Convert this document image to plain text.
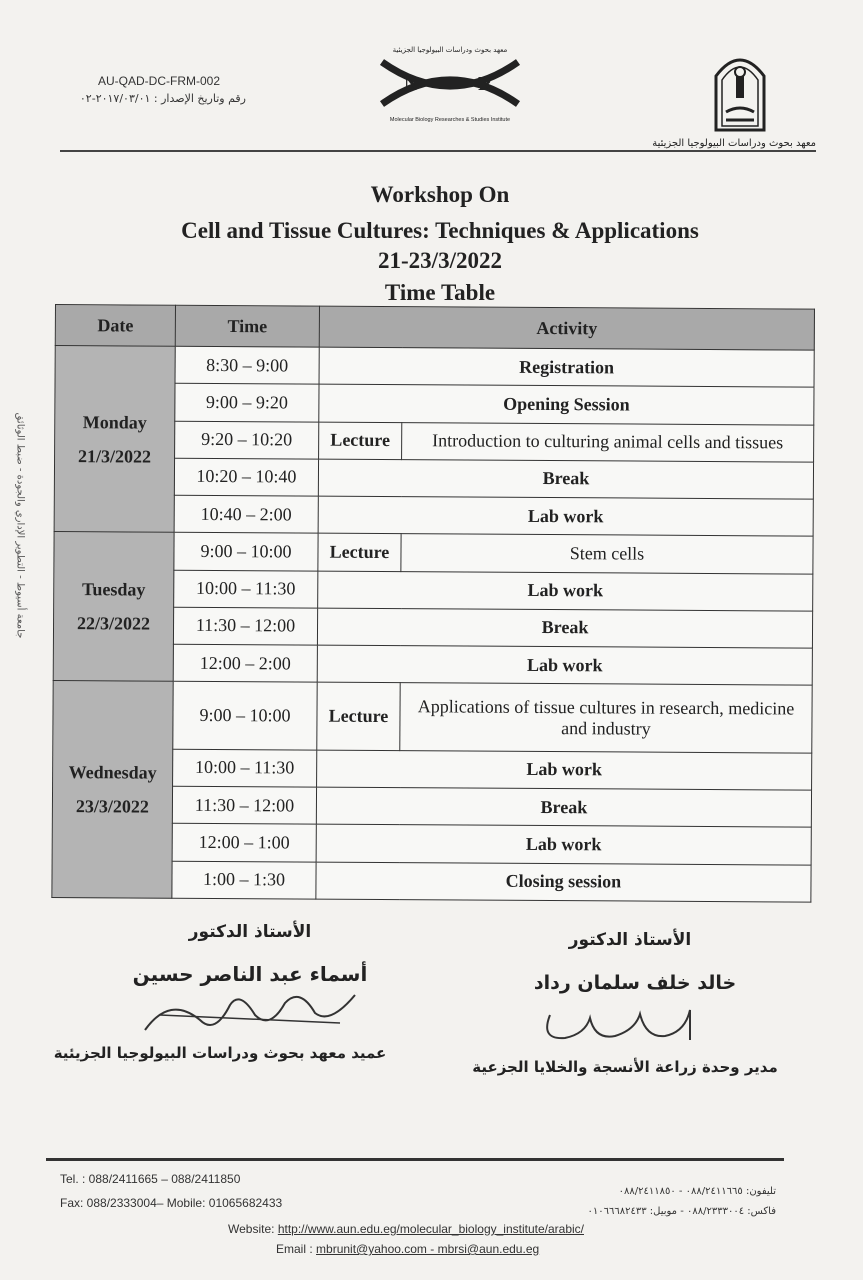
AU-QAD-DC-FRM-002
رقم وتاريخ الإصدار : ٢٠١٧/٠٣/٠١-٠٢
معهد بحوث ودراسات البيولوجيا الجزيئية
N	R
Molecular Biology Researches & Studies Institute
معهد بحوث ودراسات البيولوجيا الجزيئية
جامعة أسيوط - التطوير الإداري والجودة - ضبط الوثائق
Workshop On
Cell and Tissue Cultures: Techniques & Applications
21-23/3/2022
Time Table
Date	Time	Activity	

Monday
21/3/2022	8:30 – 9:00	Registration	
	9:00 – 9:20	Opening Session	
	9:20 – 10:20	Lecture	Introduction to culturing animal cells and tissues
	10:20 – 10:40	Break	
	10:40 – 2:00	Lab work	

Tuesday
22/3/2022	9:00 – 10:00	Lecture	Stem cells
	10:00 – 11:30	Lab work	
	11:30 – 12:00	Break	
	12:00 – 2:00	Lab work	

Wednesday
23/3/2022	9:00 – 10:00	Lecture	Applications of tissue cultures in research, medicine and industry
	10:00 – 11:30	Lab work	
	11:30 – 12:00	Break	
	12:00 – 1:00	Lab work	
	1:00 – 1:30	Closing session	
الأستاذ الدكتور
أسماء عبد الناصر حسين
عميد معهد بحوث ودراسات البيولوجيا الجزيئية
الأستاذ الدكتور
خالد خلف سلمان رداد
مدير وحدة زراعة الأنسجة والخلايا الجزعية
Tel. : 088/2411665 – 088/2411850
Fax: 088/2333004– Mobile: 01065682433
تليفون: ٠٨٨/٢٤١١٦٦٥ - ٠٨٨/٢٤١١٨٥٠
فاكس: ٠٨٨/٢٣٣٣٠٠٤ - موبيل: ٠١٠٦٦٦٨٢٤٣٣
Website: http://www.aun.edu.eg/molecular_biology_institute/arabic/
Email : mbrunit@yahoo.com - mbrsi@aun.edu.eg
